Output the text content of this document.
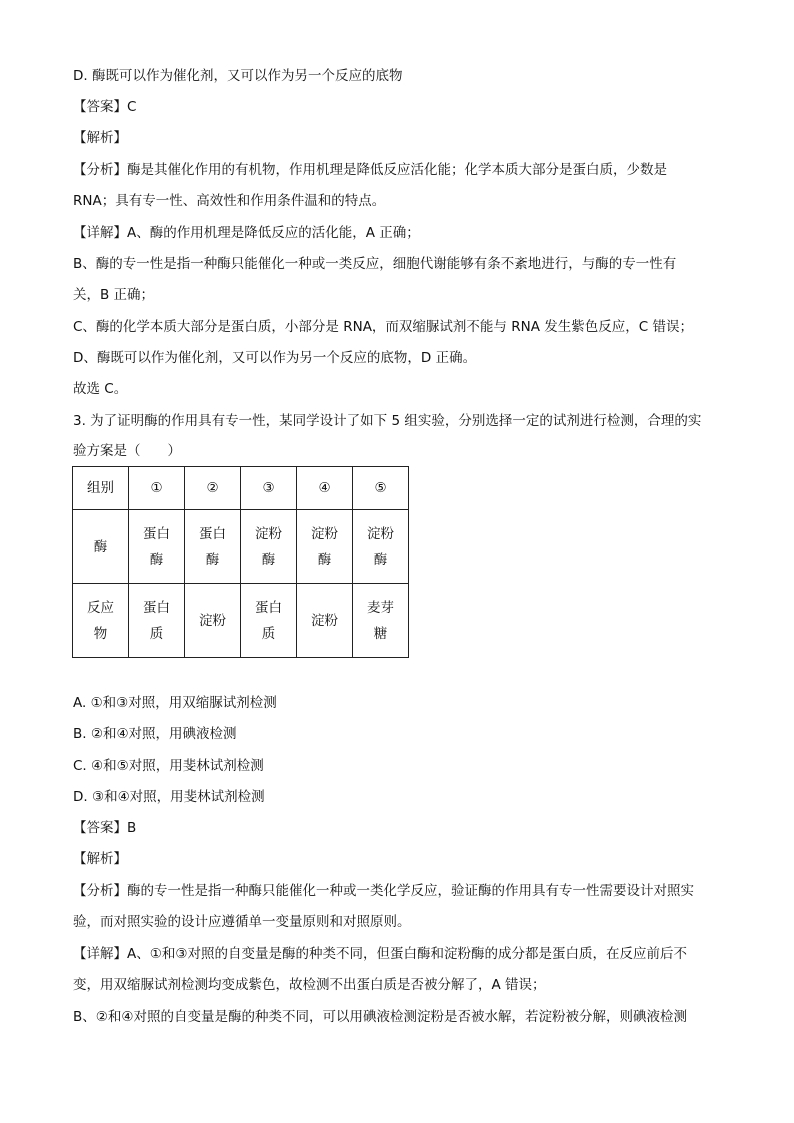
D. 酶既可以作为催化剂，又可以作为另一个反应的底物
【答案】C
【解析】
【分析】酶是其催化作用的有机物，作用机理是降低反应活化能；化学本质大部分是蛋白质，少数是
RNA；具有专一性、高效性和作用条件温和的特点。
【详解】A、酶的作用机理是降低反应的活化能，A 正确；
B、酶的专一性是指一种酶只能催化一种或一类反应，细胞代谢能够有条不紊地进行，与酶的专一性有
关，B 正确；
C、酶的化学本质大部分是蛋白质，小部分是 RNA，而双缩脲试剂不能与 RNA 发生紫色反应，C 错误；
D、酶既可以作为催化剂，又可以作为另一个反应的底物，D 正确。
故选 C。
3. 为了证明酶的作用具有专一性，某同学设计了如下 5 组实验，分别选择一定的试剂进行检测，合理的实
验方案是（　　）
组别	①	②	③	④	⑤
酶	蛋白酶	蛋白酶	淀粉酶	淀粉酶	淀粉酶
反应物	蛋白质	淀粉	蛋白质	淀粉	麦芽糖
A. ①和③对照，用双缩脲试剂检测
B. ②和④对照，用碘液检测
C. ④和⑤对照，用斐林试剂检测
D. ③和④对照，用斐林试剂检测
【答案】B
【解析】
【分析】酶的专一性是指一种酶只能催化一种或一类化学反应，验证酶的作用具有专一性需要设计对照实
验，而对照实验的设计应遵循单一变量原则和对照原则。
【详解】A、①和③对照的自变量是酶的种类不同，但蛋白酶和淀粉酶的成分都是蛋白质，在反应前后不
变，用双缩脲试剂检测均变成紫色，故检测不出蛋白质是否被分解了，A 错误；
B、②和④对照的自变量是酶的种类不同，可以用碘液检测淀粉是否被水解，若淀粉被分解，则碘液检测
